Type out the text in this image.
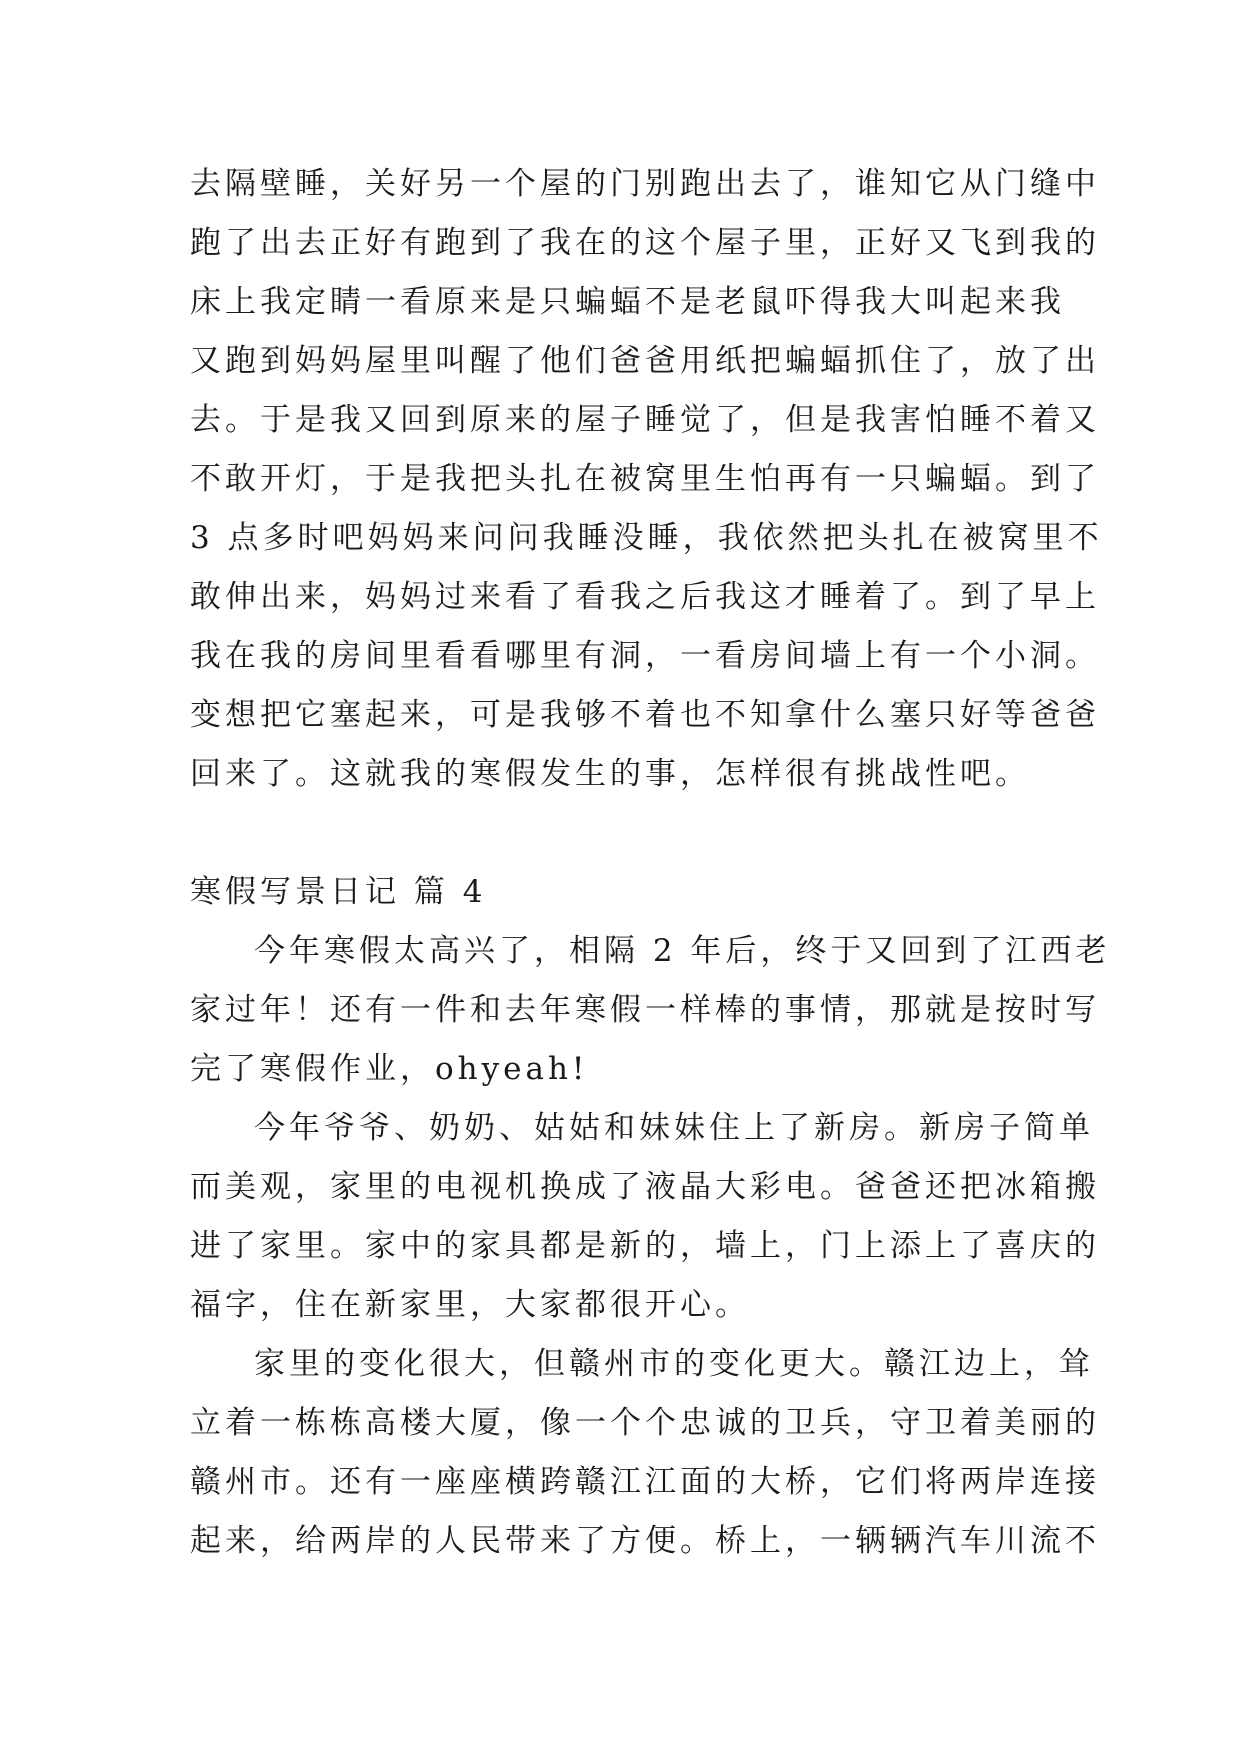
去隔壁睡，关好另一个屋的门别跑出去了，谁知它从门缝中
跑了出去正好有跑到了我在的这个屋子里，正好又飞到我的
床上我定睛一看原来是只蝙蝠不是老鼠吓得我大叫起来我
又跑到妈妈屋里叫醒了他们爸爸用纸把蝙蝠抓住了，放了出
去。于是我又回到原来的屋子睡觉了，但是我害怕睡不着又
不敢开灯，于是我把头扎在被窝里生怕再有一只蝙蝠。到了
3 点多时吧妈妈来问问我睡没睡，我依然把头扎在被窝里不
敢伸出来，妈妈过来看了看我之后我这才睡着了。到了早上
我在我的房间里看看哪里有洞，一看房间墙上有一个小洞。
变想把它塞起来，可是我够不着也不知拿什么塞只好等爸爸
回来了。这就我的寒假发生的事，怎样很有挑战性吧。
寒假写景日记 篇 4
今年寒假太高兴了，相隔 2 年后，终于又回到了江西老
家过年！还有一件和去年寒假一样棒的事情，那就是按时写
完了寒假作业，ohyeah!
今年爷爷、奶奶、姑姑和妹妹住上了新房。新房子简单
而美观，家里的电视机换成了液晶大彩电。爸爸还把冰箱搬
进了家里。家中的家具都是新的，墙上，门上添上了喜庆的
福字，住在新家里，大家都很开心。
家里的变化很大，但赣州市的变化更大。赣江边上，耸
立着一栋栋高楼大厦，像一个个忠诚的卫兵，守卫着美丽的
赣州市。还有一座座横跨赣江江面的大桥，它们将两岸连接
起来，给两岸的人民带来了方便。桥上，一辆辆汽车川流不
